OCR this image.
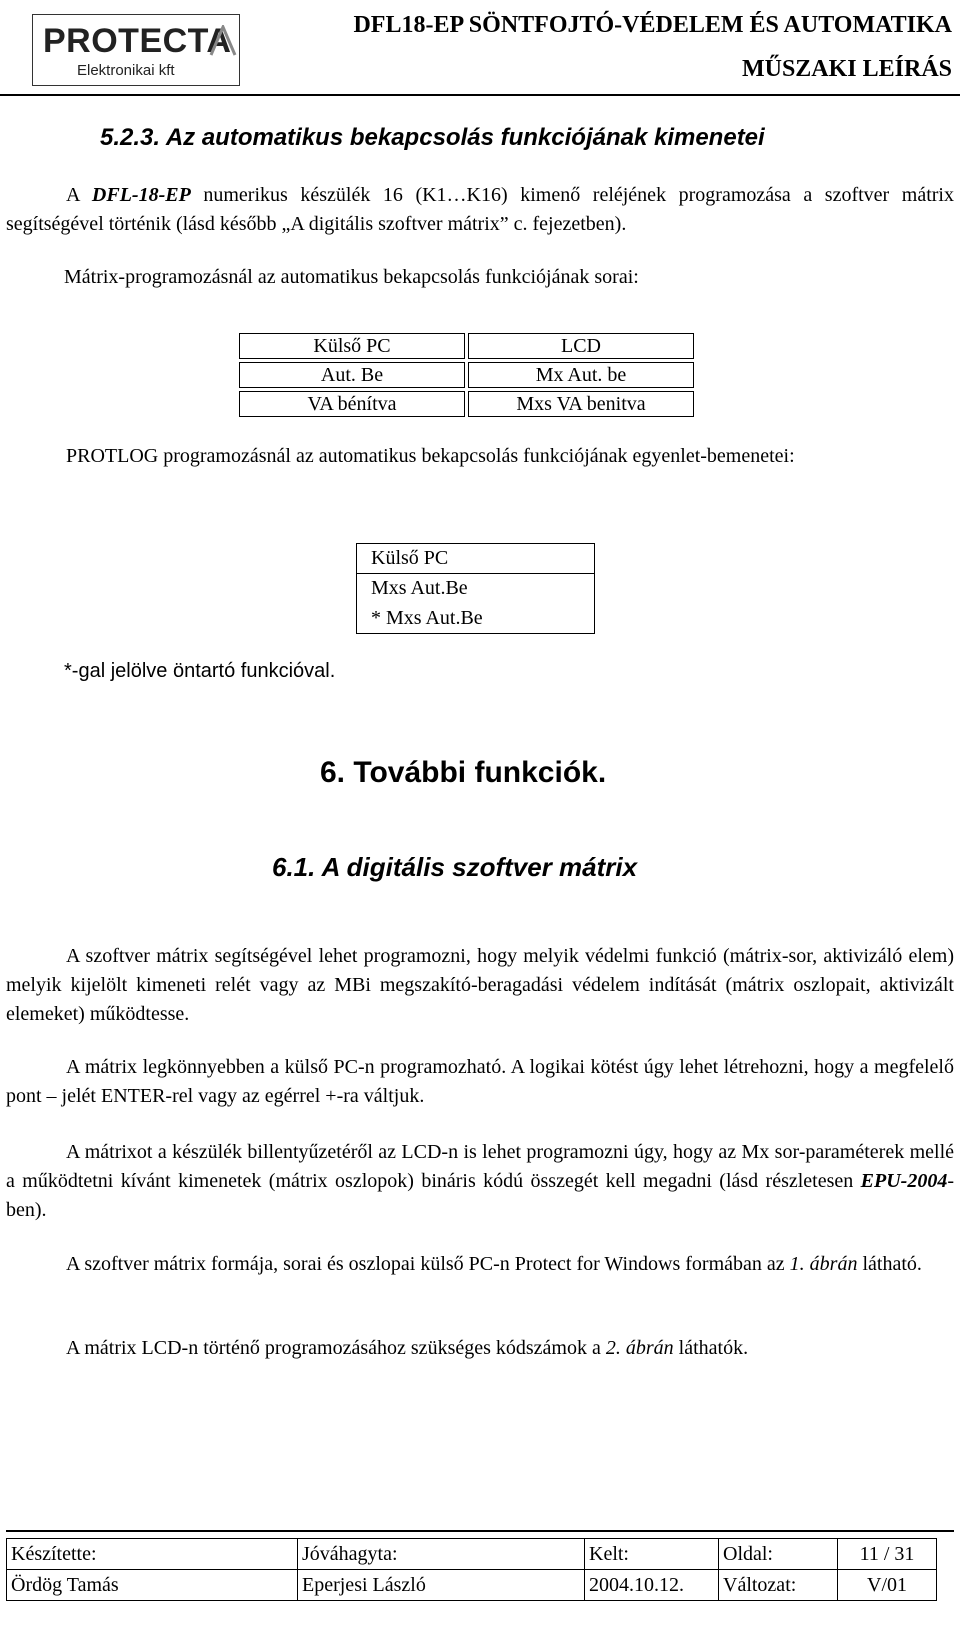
PROTECTA
Elektronikai kft
DFL18-EP SÖNTFOJTÓ-VÉDELEM ÉS AUTOMATIKA
MŰSZAKI LEÍRÁS
5.2.3. Az automatikus bekapcsolás funkciójának kimenetei
A DFL-18-EP numerikus készülék 16 (K1…K16) kimenő reléjének programozása a szoftver mátrix segítségével történik (lásd később „A digitális szoftver mátrix” c. fejezetben).
Mátrix-programozásnál az automatikus bekapcsolás funkciójának sorai:
Külső PC	LCD
Aut. Be	Mx Aut. be
VA bénítva	Mxs VA benitva
PROTLOG programozásnál az automatikus bekapcsolás funkciójának egyenlet-bemenetei:
Külső PC
Mxs Aut.Be
* Mxs Aut.Be
*-gal jelölve öntartó funkcióval.
6. További funkciók.
6.1. A digitális szoftver mátrix
A szoftver mátrix segítségével lehet programozni, hogy melyik védelmi funkció (mátrix-sor, aktivizáló elem) melyik kijelölt kimeneti relét vagy az MBi megszakító-beragadási védelem indítását (mátrix oszlopait, aktivizált elemeket) működtesse.
A mátrix legkönnyebben a külső PC-n programozható. A logikai kötést úgy lehet létrehozni, hogy a megfelelő pont – jelét ENTER-rel vagy az egérrel +-ra váltjuk.
A mátrixot a készülék billentyűzetéről az LCD-n is lehet programozni úgy, hogy az Mx sor-paraméterek mellé a működtetni kívánt kimenetek (mátrix oszlopok) bináris kódú összegét kell megadni (lásd részletesen EPU-2004-ben).
A szoftver mátrix formája, sorai és oszlopai külső PC-n Protect for Windows formában az 1. ábrán látható.
A mátrix LCD-n történő programozásához szükséges kódszámok a 2. ábrán láthatók.
Készítette:	Jóváhagyta:	Kelt:	Oldal:	11 / 31
Ördög Tamás	Eperjesi László	2004.10.12.	Változat:	V/01
